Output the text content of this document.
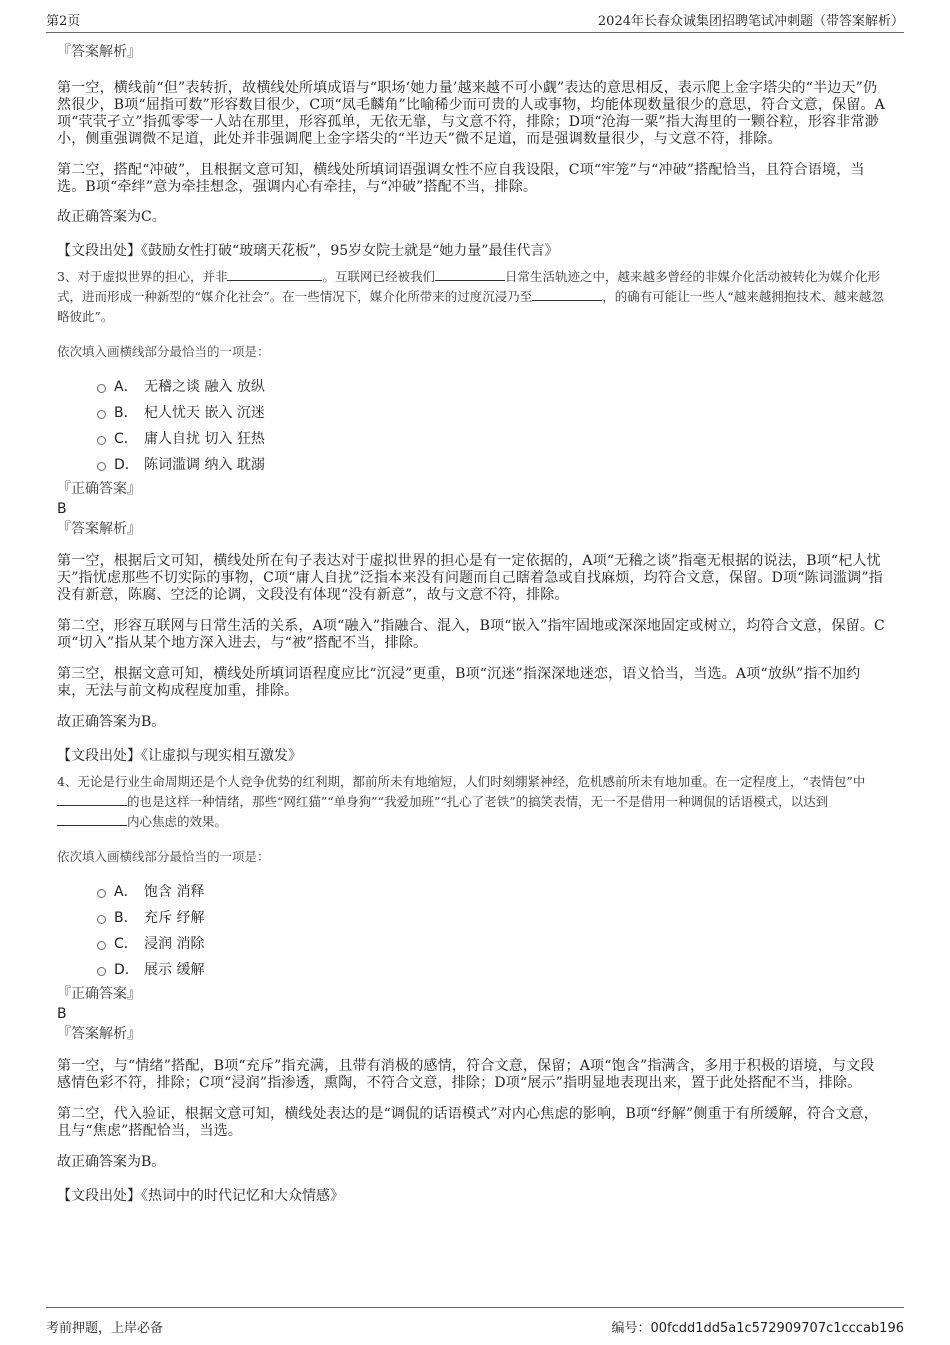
第2页	2024年长春众诚集团招聘笔试冲刺题（带答案解析）

『答案解析』

第一空，横线前“但”表转折，故横线处所填成语与“职场‘她力量’越来越不可小觑”表达的意思相反，表示爬上金字塔尖的“半边天”仍然很少，B项“屈指可数”形容数目很少，C项“凤毛麟角”比喻稀少而可贵的人或事物，均能体现数量很少的意思，符合文意，保留。A项“茕茕孑立”指孤零零一人站在那里，形容孤单，无依无靠，与文意不符，排除；D项“沧海一粟”指大海里的一颗谷粒，形容非常渺小，侧重强调微不足道，此处并非强调爬上金字塔尖的“半边天”微不足道，而是强调数量很少，与文意不符，排除。

第二空，搭配“冲破”，且根据文意可知，横线处所填词语强调女性不应自我设限，C项“牢笼”与“冲破”搭配恰当，且符合语境，当选。B项“牵绊”意为牵挂想念，强调内心有牵挂，与“冲破”搭配不当，排除。

故正确答案为C。

【文段出处】《鼓励女性打破“玻璃天花板”，95岁女院士就是“她力量”最佳代言》

3、对于虚拟世界的担心，并非	。互联网已经被我们	日常生活轨迹之中，越来越多曾经的非媒介化活动被转化为媒介化形式，进而形成一种新型的“媒介化社会”。在一些情况下，媒介化所带来的过度沉浸乃至	，的确有可能让一些人“越来越拥抱技术、越来越忽略彼此”。

依次填入画横线部分最恰当的一项是：

A． 无稽之谈 融入 放纵
B． 杞人忧天 嵌入 沉迷
C． 庸人自扰 切入 狂热
D． 陈词滥调 纳入 耽溺

『正确答案』

B

『答案解析』

第一空，根据后文可知，横线处所在句子表达对于虚拟世界的担心是有一定依据的，A项“无稽之谈”指毫无根据的说法，B项“杞人忧天”指忧虑那些不切实际的事物，C项“庸人自扰”泛指本来没有问题而自己瞎着急或自找麻烦，均符合文意，保留。D项“陈词滥调”指没有新意，陈腐、空泛的论调，文段没有体现“没有新意”，故与文意不符，排除。

第二空，形容互联网与日常生活的关系，A项“融入”指融合、混入，B项“嵌入”指牢固地或深深地固定或树立，均符合文意，保留。C项“切入”指从某个地方深入进去，与“被”搭配不当，排除。

第三空，根据文意可知，横线处所填词语程度应比“沉浸”更重，B项“沉迷”指深深地迷恋，语义恰当，当选。A项“放纵”指不加约束，无法与前文构成程度加重，排除。

故正确答案为B。

【文段出处】《让虚拟与现实相互激发》

4、无论是行业生命周期还是个人竞争优势的红利期，都前所未有地缩短，人们时刻绷紧神经，危机感前所未有地加重。在一定程度上，“表情包”中的也是这样一种情绪，那些“网红猫”“单身狗”“我爱加班”“扎心了老铁”的搞笑表情，无一不是借用一种调侃的话语模式，以达到内心焦虑的效果。

依次填入画横线部分最恰当的一项是：

A． 饱含 消释
B． 充斥 纾解
C． 浸润 消除
D． 展示 缓解

『正确答案』

B

『答案解析』

第一空，与“情绪”搭配，B项“充斥”指充满，且带有消极的感情，符合文意，保留；A项“饱含”指满含，多用于积极的语境，与文段感情色彩不符，排除；C项“浸润”指渗透，熏陶，不符合文意，排除；D项“展示”指明显地表现出来，置于此处搭配不当，排除。

第二空，代入验证，根据文意可知，横线处表达的是“调侃的话语模式”对内心焦虑的影响，B项“纾解”侧重于有所缓解，符合文意，且与“焦虑”搭配恰当，当选。

故正确答案为B。

【文段出处】《热词中的时代记忆和大众情感》

考前押题，上岸必备	编号：00fcdd1dd5a1c572909707c1cccab196
